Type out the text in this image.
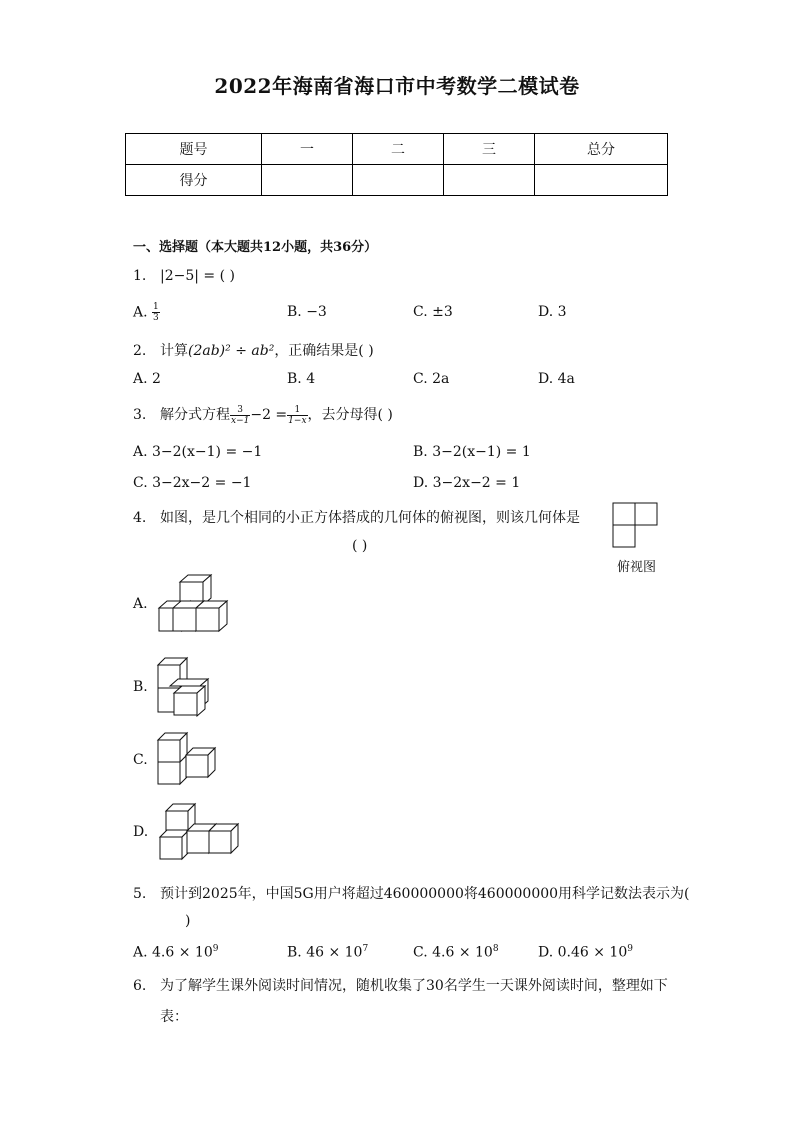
2022年海南省海口市中考数学二模试卷
题号	一	二	三	总分
得分				
一、选择题（本大题共12小题，共36分）
1. |2−5| = ( )
A. $\frac{1}{3}$	B. −3	C. ±3	D. 3
2. 计算(2ab)² ÷ ab²，正确结果是( )
A. 2	B. 4	C. 2a	D. 4a
3. 解分式方程 $\frac{3}{x-1} -2 = \frac{1}{1-x}$ ，去分母得( )
A. 3−2(x−1) = −1	B. 3−2(x−1) = 1
C. 3−2x−2 = −1	D. 3−2x−2 = 1
4. 如图，是几个相同的小正方体搭成的几何体的俯视图，则该几何体是
( )
俯视图
A.
B.
C.
D.
5. 预计到2025年，中国5G用户将超过460000000将460000000用科学记数法表示为(
)
A. $4.6 \times 10^9$	B. $46 \times 10^7$	C. $4.6 \times 10^8$	D. $0.46 \times 10^9$
6. 为了解学生课外阅读时间情况，随机收集了30名学生一天课外阅读时间，整理如下
表：
